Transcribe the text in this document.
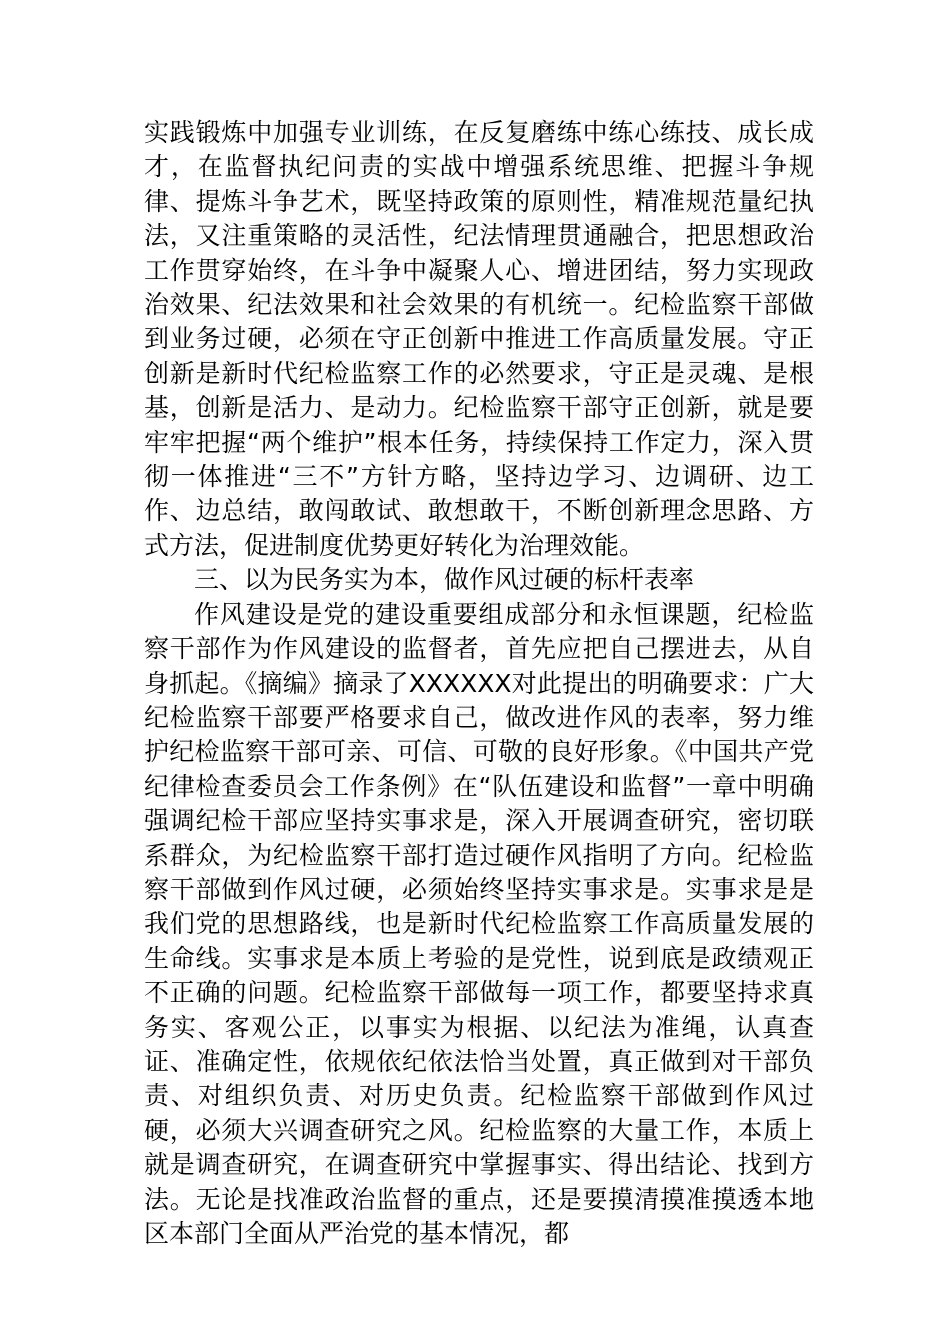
实践锻炼中加强专业训练，在反复磨练中练心练技、成长成才，在监督执纪问责的实战中增强系统思维、把握斗争规律、提炼斗争艺术，既坚持政策的原则性，精准规范量纪执法，又注重策略的灵活性，纪法情理贯通融合，把思想政治工作贯穿始终，在斗争中凝聚人心、增进团结，努力实现政治效果、纪法效果和社会效果的有机统一。纪检监察干部做到业务过硬，必须在守正创新中推进工作高质量发展。守正创新是新时代纪检监察工作的必然要求，守正是灵魂、是根基，创新是活力、是动力。纪检监察干部守正创新，就是要牢牢把握“两个维护”根本任务，持续保持工作定力，深入贯彻一体推进“三不”方针方略，坚持边学习、边调研、边工作、边总结，敢闯敢试、敢想敢干，不断创新理念思路、方式方法，促进制度优势更好转化为治理效能。

三、以为民务实为本，做作风过硬的标杆表率

作风建设是党的建设重要组成部分和永恒课题，纪检监察干部作为作风建设的监督者，首先应把自己摆进去，从自身抓起。《摘编》摘录了XXXXXX对此提出的明确要求：广大纪检监察干部要严格要求自己，做改进作风的表率，努力维护纪检监察干部可亲、可信、可敬的良好形象。《中国共产党纪律检查委员会工作条例》在“队伍建设和监督”一章中明确强调纪检干部应坚持实事求是，深入开展调查研究，密切联系群众，为纪检监察干部打造过硬作风指明了方向。纪检监察干部做到作风过硬，必须始终坚持实事求是。实事求是是我们党的思想路线，也是新时代纪检监察工作高质量发展的生命线。实事求是本质上考验的是党性，说到底是政绩观正不正确的问题。纪检监察干部做每一项工作，都要坚持求真务实、客观公正，以事实为根据、以纪法为准绳，认真查证、准确定性，依规依纪依法恰当处置，真正做到对干部负责、对组织负责、对历史负责。纪检监察干部做到作风过硬，必须大兴调查研究之风。纪检监察的大量工作，本质上就是调查研究，在调查研究中掌握事实、得出结论、找到方法。无论是找准政治监督的重点，还是要摸清摸准摸透本地区本部门全面从严治党的基本情况，都
